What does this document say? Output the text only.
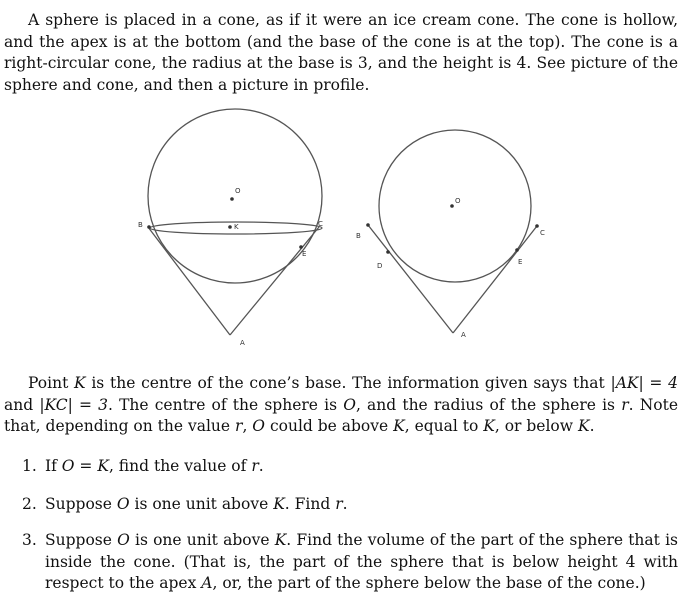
A sphere is placed in a cone, as if it were an ice cream cone. The cone is hollow, and the apex is at the bottom (and the base of the cone is at the top). The cone is a right-circular cone, the radius at the base is 3, and the height is 4. See picture of the sphere and cone, and then a picture in profile.

B	C
E
A
O
K
B	C
D	E
A
O

Point K is the centre of the cone’s base. The information given says that |AK| = 4 and |KC| = 3. The centre of the sphere is O, and the radius of the sphere is r. Note that, depending on the value r, O could be above K, equal to K, or below K.

1. If O = K, find the value of r.
2. Suppose O is one unit above K. Find r.
3. Suppose O is one unit above K. Find the volume of the part of the sphere that is inside the cone. (That is, the part of the sphere that is below height 4 with respect to the apex A, or, the part of the sphere below the base of the cone.)
